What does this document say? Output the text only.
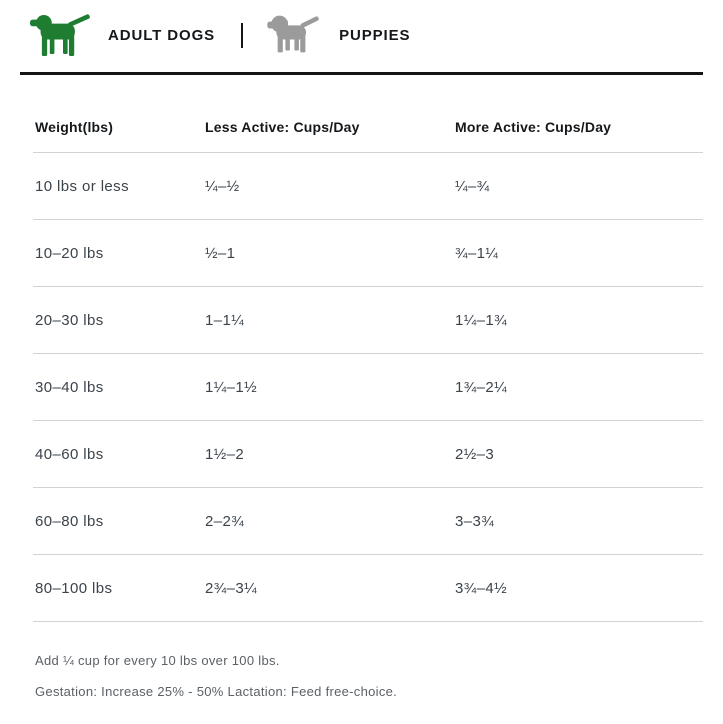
ADULT DOGS	PUPPIES
Weight(lbs)	Less Active: Cups/Day	More Active: Cups/Day
10 lbs or less	¼–½	¼–¾
10–20 lbs	½–1	¾–1¼
20–30 lbs	1–1¼	1¼–1¾
30–40 lbs	1¼–1½	1¾–2¼
40–60 lbs	1½–2	2½–3
60–80 lbs	2–2¾	3–3¾
80–100 lbs	2¾–3¼	3¾–4½
Add ¼ cup for every 10 lbs over 100 lbs.
Gestation: Increase 25% - 50% Lactation: Feed free-choice.
